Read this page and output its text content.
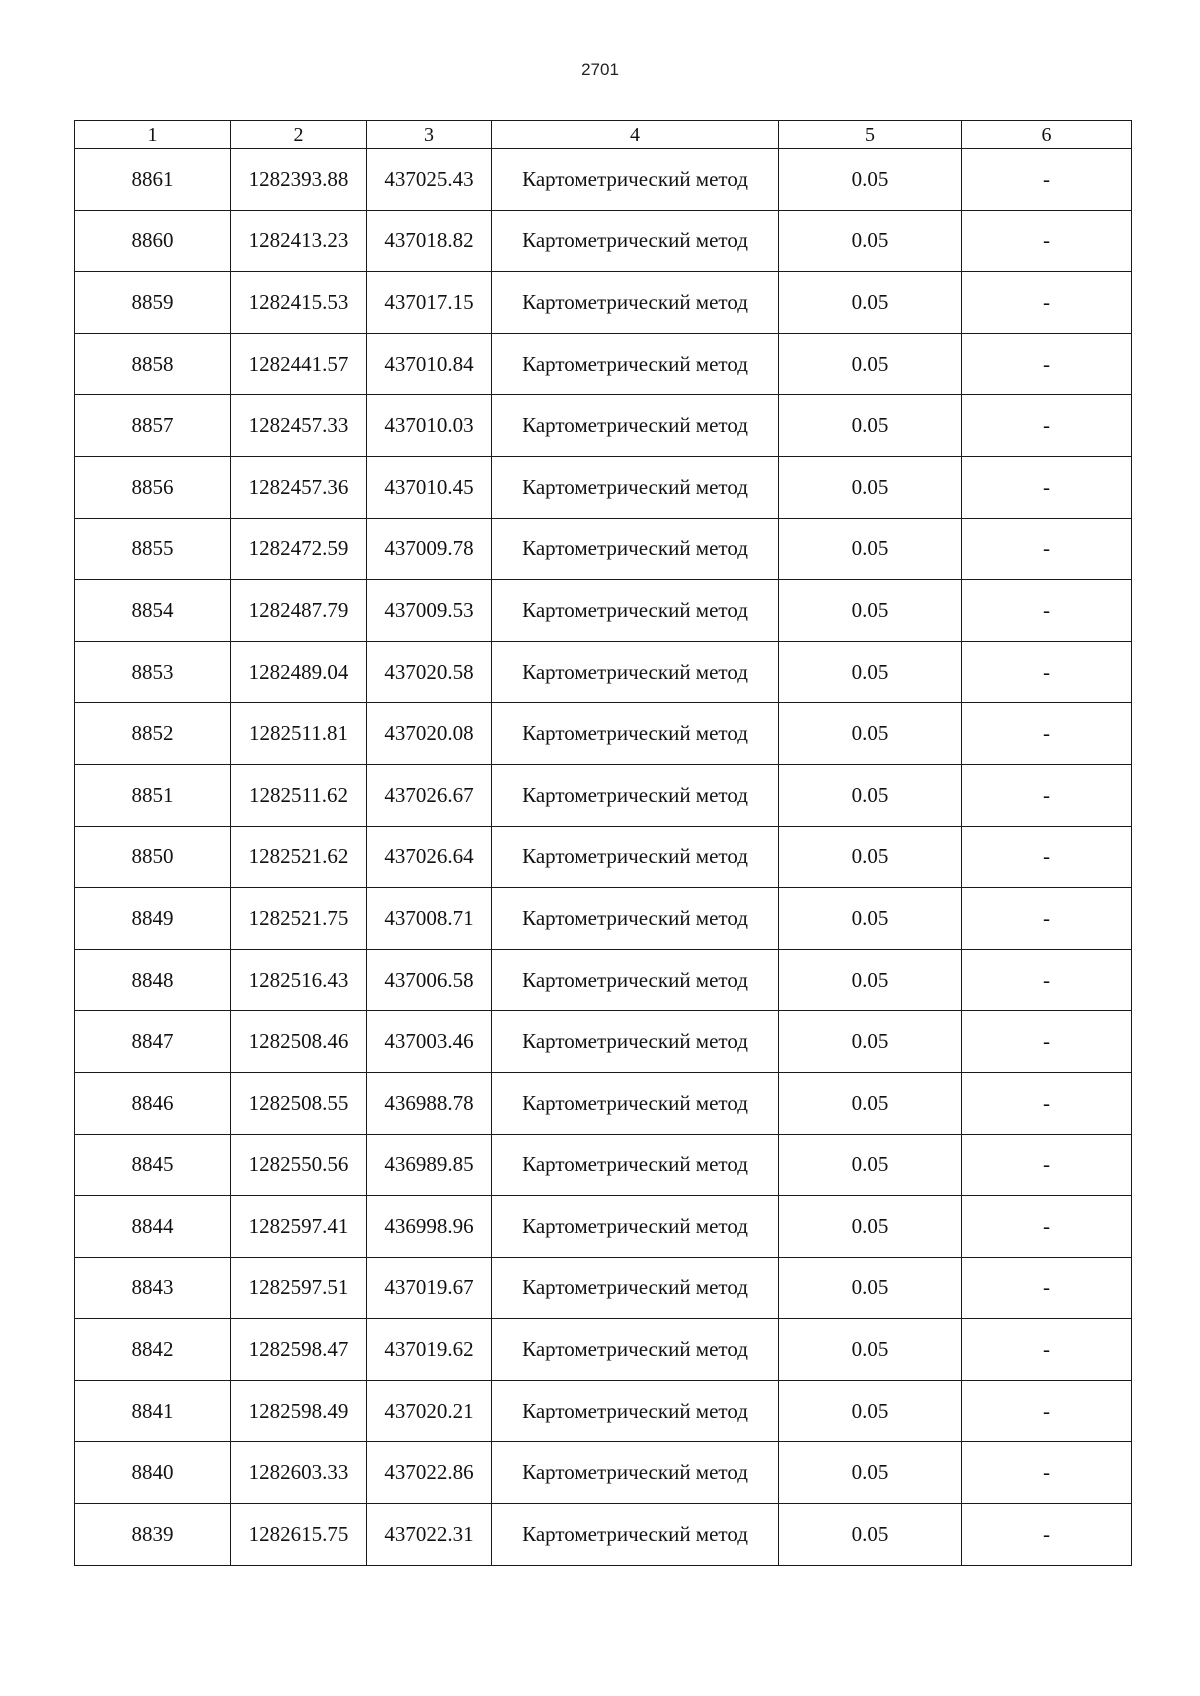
2701
1	2	3	4	5	6
8861	1282393.88	437025.43	Картометрический метод	0.05	-
8860	1282413.23	437018.82	Картометрический метод	0.05	-
8859	1282415.53	437017.15	Картометрический метод	0.05	-
8858	1282441.57	437010.84	Картометрический метод	0.05	-
8857	1282457.33	437010.03	Картометрический метод	0.05	-
8856	1282457.36	437010.45	Картометрический метод	0.05	-
8855	1282472.59	437009.78	Картометрический метод	0.05	-
8854	1282487.79	437009.53	Картометрический метод	0.05	-
8853	1282489.04	437020.58	Картометрический метод	0.05	-
8852	1282511.81	437020.08	Картометрический метод	0.05	-
8851	1282511.62	437026.67	Картометрический метод	0.05	-
8850	1282521.62	437026.64	Картометрический метод	0.05	-
8849	1282521.75	437008.71	Картометрический метод	0.05	-
8848	1282516.43	437006.58	Картометрический метод	0.05	-
8847	1282508.46	437003.46	Картометрический метод	0.05	-
8846	1282508.55	436988.78	Картометрический метод	0.05	-
8845	1282550.56	436989.85	Картометрический метод	0.05	-
8844	1282597.41	436998.96	Картометрический метод	0.05	-
8843	1282597.51	437019.67	Картометрический метод	0.05	-
8842	1282598.47	437019.62	Картометрический метод	0.05	-
8841	1282598.49	437020.21	Картометрический метод	0.05	-
8840	1282603.33	437022.86	Картометрический метод	0.05	-
8839	1282615.75	437022.31	Картометрический метод	0.05	-
